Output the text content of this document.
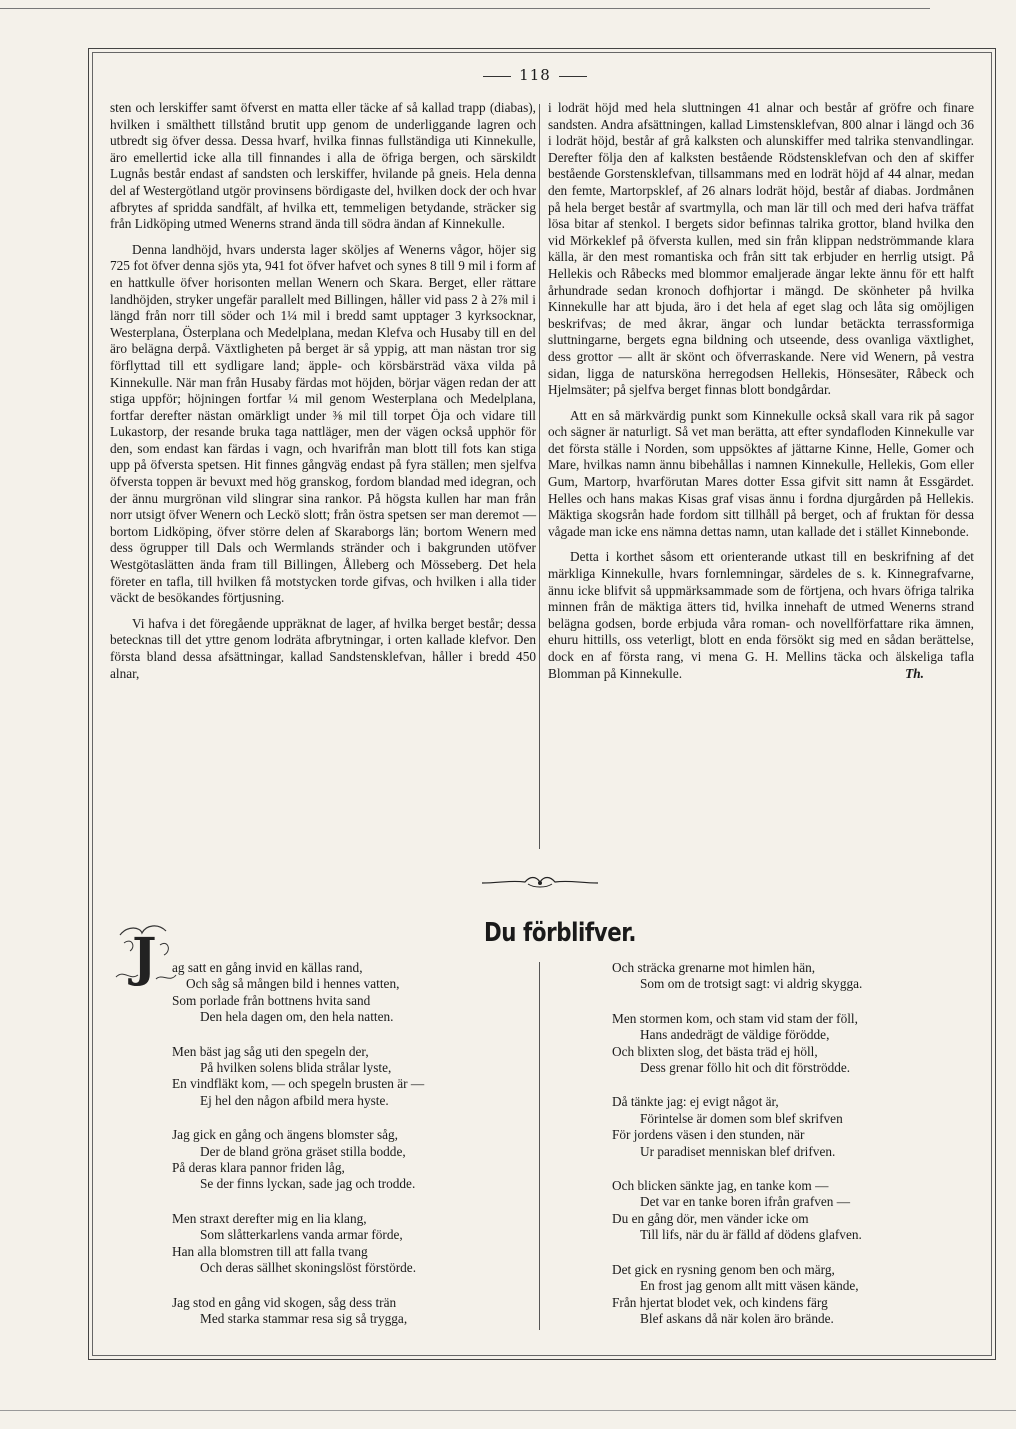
118

sten och lerskiffer samt öfverst en matta eller täcke af så kallad trapp (diabas), hvilken i smälthett tillstånd brutit upp genom de underliggande lagren och utbredt sig öfver dessa. Dessa hvarf, hvilka finnas fullständiga uti Kinnekulle, äro emellertid icke alla till finnandes i alla de öfriga bergen, och särskildt Lugnås består endast af sandsten och lerskiffer, hvilande på gneis. Hela denna del af Westergötland utgör provinsens bördigaste del, hvilken dock der och hvar afbrytes af spridda sandfält, af hvilka ett, temmeligen betydande, sträcker sig från Lidköping utmed Wenerns strand ända till södra ändan af Kinnekulle.

Denna landhöjd, hvars understa lager sköljes af Wenerns vågor, höjer sig 725 fot öfver denna sjös yta, 941 fot öfver hafvet och synes 8 till 9 mil i form af en hattkulle öfver horisonten mellan Wenern och Skara. Berget, eller rättare landhöjden, stryker ungefär parallelt med Billingen, håller vid pass 2 à 2⅞ mil i längd från norr till söder och 1¼ mil i bredd samt upptager 3 kyrksocknar, Westerplana, Österplana och Medelplana, medan Klefva och Husaby till en del äro belägna derpå. Växtligheten på berget är så yppig, att man nästan tror sig förflyttad till ett sydligare land; äpple- och körsbärsträd växa vilda på Kinnekulle. När man från Husaby färdas mot höjden, börjar vägen redan der att stiga uppför; höjningen fortfar ¼ mil genom Westerplana och Medelplana, fortfar derefter nästan omärkligt under ⅜ mil till torpet Öja och vidare till Lukastorp, der resande bruka taga nattläger, men der vägen också upphör för den, som endast kan färdas i vagn, och hvarifrån man blott till fots kan stiga upp på öfversta spetsen. Hit finnes gångväg endast på fyra ställen; men sjelfva öfversta toppen är bevuxt med hög granskog, fordom blandad med idegran, och der ännu murgrönan vild slingrar sina rankor. På högsta kullen har man från norr utsigt öfver Wenern och Leckö slott; från östra spetsen ser man deremot — bortom Lidköping, öfver större delen af Skaraborgs län; bortom Wenern med dess ögrupper till Dals och Wermlands stränder och i bakgrunden utöfver Westgötaslätten ända fram till Billingen, Ålleberg och Mösseberg. Det hela företer en tafla, till hvilken få motstycken torde gifvas, och hvilken i alla tider väckt de besökandes förtjusning.

Vi hafva i det föregående uppräknat de lager, af hvilka berget består; dessa betecknas till det yttre genom lodräta afbrytningar, i orten kallade klefvor. Den första bland dessa afsättningar, kallad Sandstensklefvan, håller i bredd 450 alnar,

i lodrät höjd med hela sluttningen 41 alnar och består af gröfre och finare sandsten. Andra afsättningen, kallad Limstensklefvan, 800 alnar i längd och 36 i lodrät höjd, består af grå kalksten och alunskiffer med talrika stenvandlingar. Derefter följa den af kalksten bestående Rödstensklefvan och den af skiffer bestående Gorstensklefvan, tillsammans med en lodrät höjd af 44 alnar, medan den femte, Martorpsklef, af 26 alnars lodrät höjd, består af diabas. Jordmånen på hela berget består af svartmylla, och man lär till och med deri hafva träffat lösa bitar af stenkol. I bergets sidor befinnas talrika grottor, bland hvilka den vid Mörkeklef på öfversta kullen, med sin från klippan nedströmmande klara källa, är den mest romantiska och från sitt tak erbjuder en herrlig utsigt. På Hellekis och Råbecks med blommor emaljerade ängar lekte ännu för ett halft århundrade sedan kronoch dofhjortar i mängd. De skönheter på hvilka Kinnekulle har att bjuda, äro i det hela af eget slag och låta sig omöjligen beskrifvas; de med åkrar, ängar och lundar betäckta terrassformiga sluttningarne, bergets egna bildning och utseende, dess ovanliga växtlighet, dess grottor — allt är skönt och öfverraskande. Nere vid Wenern, på vestra sidan, ligga de natursköna herregodsen Hellekis, Hönsesäter, Råbeck och Hjelmsäter; på sjelfva berget finnas blott bondgårdar.

Att en så märkvärdig punkt som Kinnekulle också skall vara rik på sagor och sägner är naturligt. Så vet man berätta, att efter syndafloden Kinnekulle var det första ställe i Norden, som uppsöktes af jättarne Kinne, Helle, Gomer och Mare, hvilkas namn ännu bibehållas i namnen Kinnekulle, Hellekis, Gom eller Gum, Martorp, hvarförutan Mares dotter Essa gifvit sitt namn åt Essgärdet. Helles och hans makas Kisas graf visas ännu i fordna djurgården på Hellekis. Mäktiga skogsrån hade fordom sitt tillhåll på berget, och af fruktan för dessa vågade man icke ens nämna dettas namn, utan kallade det i stället Kinnebonde.

Detta i korthet såsom ett orienterande utkast till en beskrifning af det märkliga Kinnekulle, hvars fornlemningar, särdeles de s. k. Kinnegrafvarne, ännu icke blifvit så uppmärksammade som de förtjena, och hvars öfriga talrika minnen från de mäktiga ätters tid, hvilka innehaft de utmed Wenerns strand belägna godsen, borde erbjuda våra roman- och novellförfattare rika ämnen, ehuru hittills, oss veterligt, blott en enda försökt sig med en sådan berättelse, dock en af första rang, vi mena G. H. Mellins täcka och älskeliga tafla Blomman på Kinnekulle.	Th.

Du förblifver.
J ag satt en gång invid en källas rand,
Och såg så mången bild i hennes vatten,
Som porlade från bottnens hvita sand
Den hela dagen om, den hela natten.
Men bäst jag såg uti den spegeln der,
På hvilken solens blida strålar lyste,
En vindfläkt kom, — och spegeln brusten är —
Ej hel den någon afbild mera hyste.
Jag gick en gång och ängens blomster såg,
Der de bland gröna gräset stilla bodde,
På deras klara pannor friden låg,
Se der finns lyckan, sade jag och trodde.
Men straxt derefter mig en lia klang,
Som slåtterkarlens vanda armar förde,
Han alla blomstren till att falla tvang
Och deras sällhet skoningslöst förstörde.
Jag stod en gång vid skogen, såg dess trän
Med starka stammar resa sig så trygga,
Och sträcka grenarne mot himlen hän,
Som om de trotsigt sagt: vi aldrig skygga.
Men stormen kom, och stam vid stam der föll,
Hans andedrägt de väldige förödde,
Och blixten slog, det bästa träd ej höll,
Dess grenar föllo hit och dit förströdde.
Då tänkte jag: ej evigt något är,
Förintelse är domen som blef skrifven
För jordens väsen i den stunden, när
Ur paradiset menniskan blef drifven.
Och blicken sänkte jag, en tanke kom —
Det var en tanke boren ifrån grafven —
Du en gång dör, men vänder icke om
Till lifs, när du är fälld af dödens glafven.
Det gick en rysning genom ben och märg,
En frost jag genom allt mitt väsen kände,
Från hjertat blodet vek, och kindens färg
Blef askans då när kolen äro brände.
